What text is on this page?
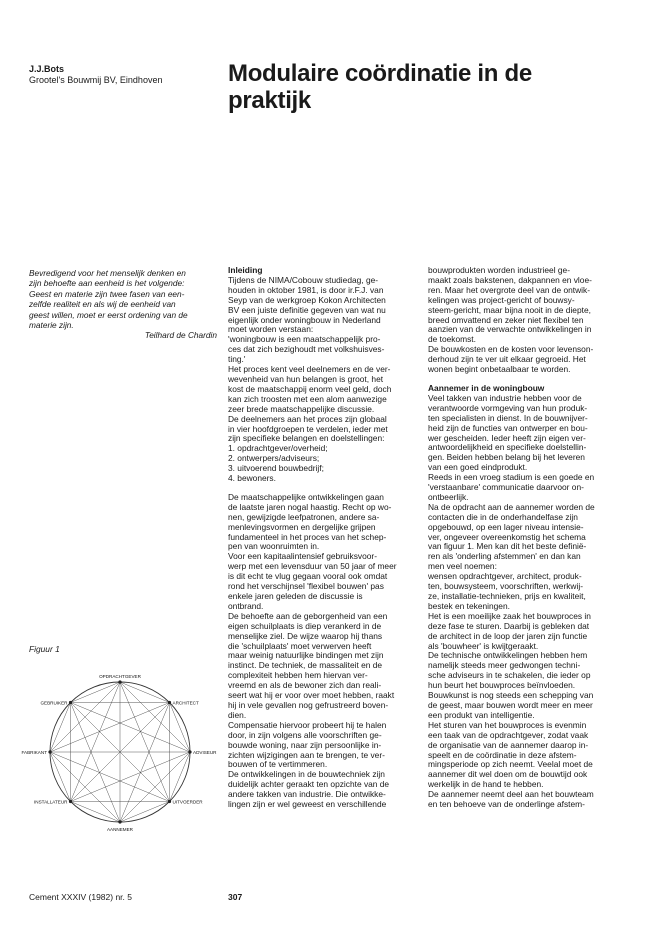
J.J.Bots
Grootel's Bouwmij BV, Eindhoven	Modulaire coördinatie in de
praktijk
Bevredigend voor het menselijk denken en
zijn behoefte aan eenheid is het volgende:
Geest en materie zijn twee fasen van een-
zelfde realiteit en als wij de eenheid van
geest willen, moet er eerst ordening van de
materie zijn.

Teilhard de Chardin
Figuur 1
OPDRACHTGEVER
ARCHITECT
ADVISEUR
UITVOERDER
AANNEMER
INSTALLATEUR
FABRIKANT
GEBRUIKER

Inleiding

Tijdens de NIMA/Cobouw studiedag, ge-
houden in oktober 1981, is door ir.F.J. van
Seyp van de werkgroep Kokon Architecten
BV een juiste definitie gegeven van wat nu
eigenlijk onder woningbouw in Nederland
moet worden verstaan:
'woningbouw is een maatschappelijk pro-
ces dat zich bezighoudt met volkshuisves-
ting.'
Het proces kent veel deelnemers en de ver-
wevenheid van hun belangen is groot, het
kost de maatschappij enorm veel geld, doch
kan zich troosten met een alom aanwezige
zeer brede maatschappelijke discussie.
De deelnemers aan het proces zijn globaal
in vier hoofdgroepen te verdelen, ieder met
zijn specifieke belangen en doelstellingen:
1. opdrachtgever/overheid;
2. ontwerpers/adviseurs;
3. uitvoerend bouwbedrijf;
4. bewoners.

De maatschappelijke ontwikkelingen gaan
de laatste jaren nogal haastig. Recht op wo-
nen, gewijzigde leefpatronen, andere sa-
menlevingsvormen en dergelijke grijpen
fundamenteel in het proces van het schep-
pen van woonruimten in.
Voor een kapitaalintensief gebruiksvoor-
werp met een levensduur van 50 jaar of meer
is dit echt te vlug gegaan vooral ook omdat
rond het verschijnsel 'flexibel bouwen' pas
enkele jaren geleden de discussie is
ontbrand.
De behoefte aan de geborgenheid van een
eigen schuilplaats is diep verankerd in de
menselijke ziel. De wijze waarop hij thans
die 'schuilplaats' moet verwerven heeft
maar weinig natuurlijke bindingen met zijn
instinct. De techniek, de massaliteit en de
complexiteit hebben hem hiervan ver-
vreemd en als de bewoner zich dan reali-
seert wat hij er voor over moet hebben, raakt
hij in vele gevallen nog gefrustreerd boven-
dien.
Compensatie hiervoor probeert hij te halen
door, in zijn volgens alle voorschriften ge-
bouwde woning, naar zijn persoonlijke in-
zichten wijzigingen aan te brengen, te ver-
bouwen of te vertimmeren.
De ontwikkelingen in de bouwtechniek zijn
duidelijk achter geraakt ten opzichte van de
andere takken van industrie. Die ontwikke-
lingen zijn er wel geweest en verschillende

bouwprodukten worden industrieel ge-
maakt zoals bakstenen, dakpannen en vloe-
ren. Maar het overgrote deel van de ontwik-
kelingen was project-gericht of bouwsy-
steem-gericht, maar bijna nooit in de diepte,
breed omvattend en zeker niet flexibel ten
aanzien van de verwachte ontwikkelingen in
de toekomst.
De bouwkosten en de kosten voor levenson-
derhoud zijn te ver uit elkaar gegroeid. Het
wonen begint onbetaalbaar te worden.

Aannemer in de woningbouw

Veel takken van industrie hebben voor de
verantwoorde vormgeving van hun produk-
ten specialisten in dienst. In de bouwnijver-
heid zijn de functies van ontwerper en bou-
wer gescheiden. Ieder heeft zijn eigen ver-
antwoordelijkheid en specifieke doelstellin-
gen. Beiden hebben belang bij het leveren
van een goed eindprodukt.
Reeds in een vroeg stadium is een goede en
'verstaanbare' communicatie daarvoor on-
ontbeerlijk.
Na de opdracht aan de aannemer worden de
contacten die in de onderhandelfase zijn
opgebouwd, op een lager niveau intensie-
ver, ongeveer overeenkomstig het schema
van figuur 1. Men kan dit het beste definië-
ren als 'onderling afstemmen' en dan kan
men veel noemen:
wensen opdrachtgever, architect, produk-
ten, bouwsysteem, voorschriften, werkwij-
ze, installatie-technieken, prijs en kwaliteit,
bestek en tekeningen.
Het is een moeilijke zaak het bouwproces in
deze fase te sturen. Daarbij is gebleken dat
de architect in de loop der jaren zijn functie
als 'bouwheer' is kwijtgeraakt.
De technische ontwikkelingen hebben hem
namelijk steeds meer gedwongen techni-
sche adviseurs in te schakelen, die ieder op
hun beurt het bouwproces beïnvloeden.
Bouwkunst is nog steeds een schepping van
de geest, maar bouwen wordt meer en meer
een produkt van intelligentie.
Het sturen van het bouwproces is evenmin
een taak van de opdrachtgever, zodat vaak
de organisatie van de aannemer daarop in-
speelt en de coördinatie in deze afstem-
mingsperiode op zich neemt. Veelal moet de
aannemer dit wel doen om de bouwtijd ook
werkelijk in de hand te hebben.
De aannemer neemt deel aan het bouwteam
en ten behoeve van de onderlinge afstem-

Cement XXXIV (1982) nr. 5	307
